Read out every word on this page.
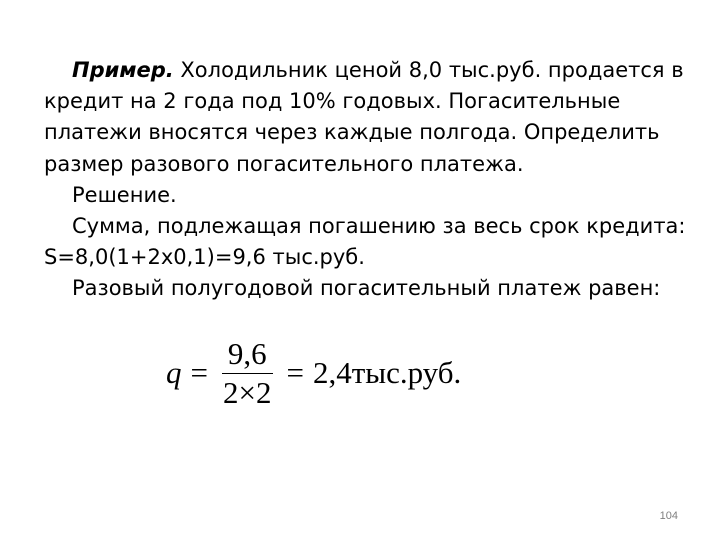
Пример. Холодильник ценой 8,0 тыс.руб. продается в кредит на 2 года под 10% годовых. Погасительные платежи вносятся через каждые полгода. Определить размер разового погасительного платежа.

Решение.

Сумма, подлежащая погашению за весь срок кредита:

S=8,0(1+2x0,1)=9,6 тыс.руб.

Разовый полугодовой погасительный платеж равен:

$q = \frac{9,6}{2\times 2} = 2,4тыс.руб$.
104
